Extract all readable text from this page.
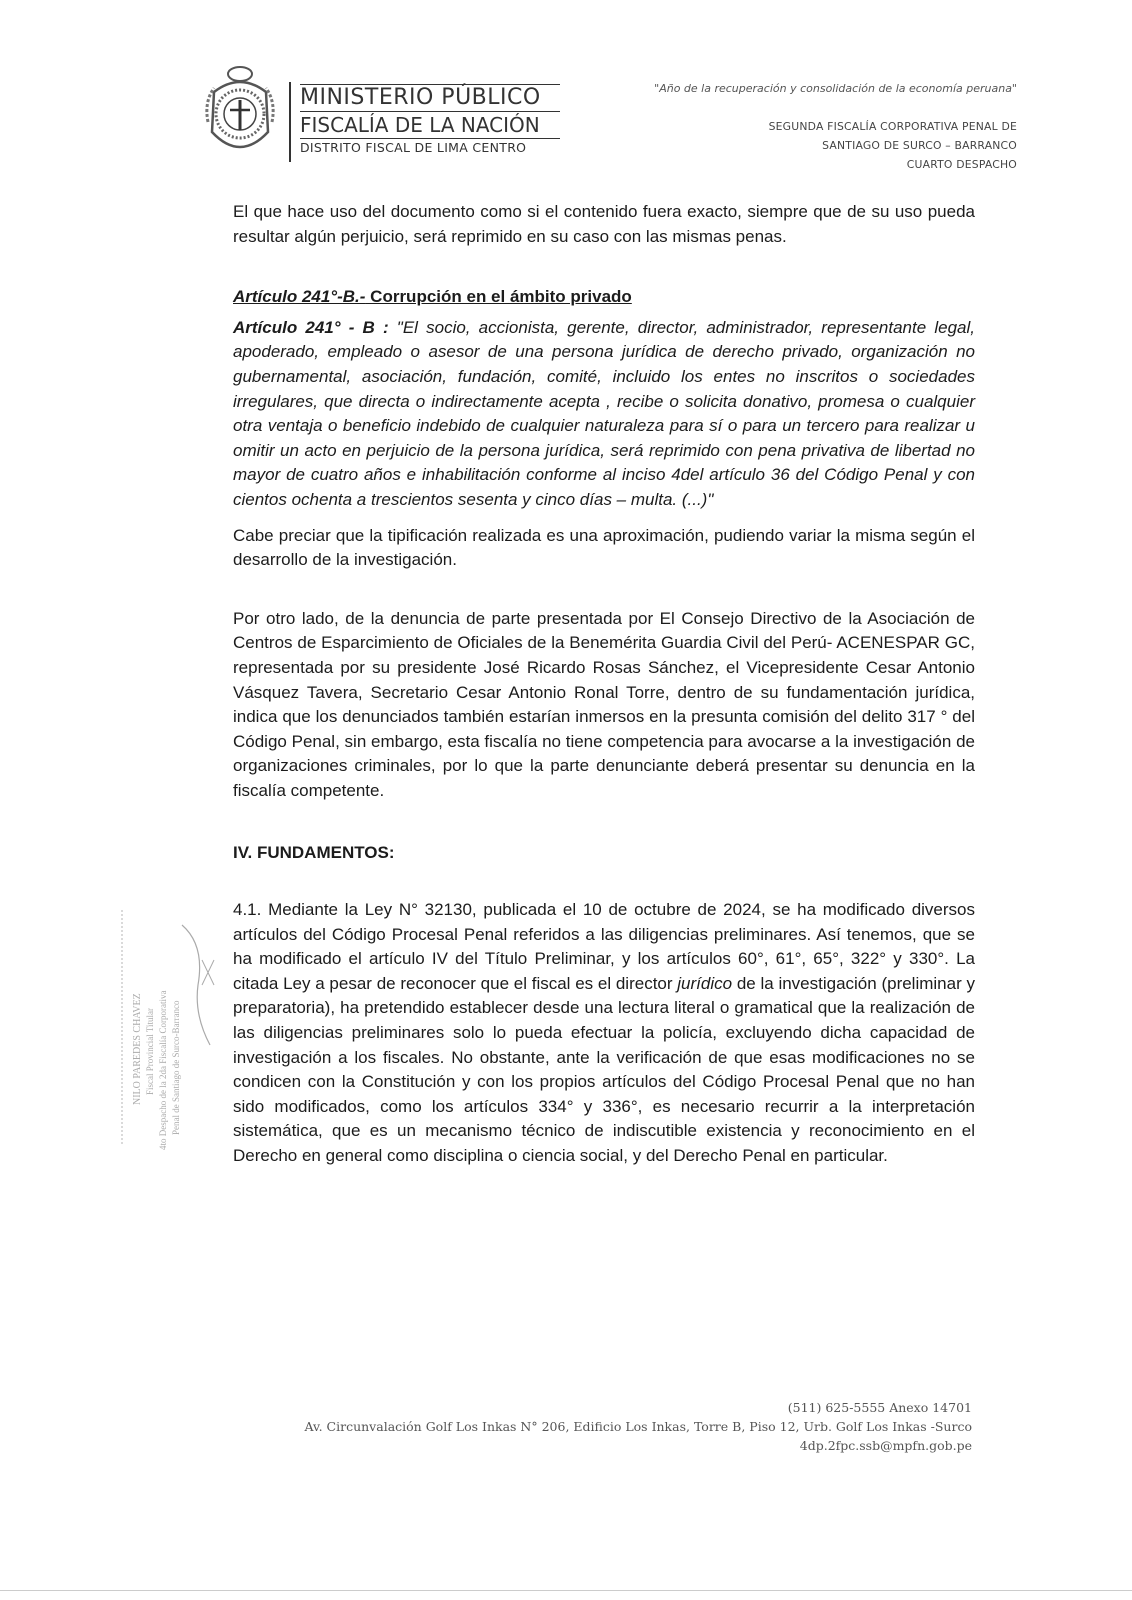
MINISTERIO PÚBLICO
FISCALÍA DE LA NACIÓN
DISTRITO FISCAL DE LIMA CENTRO
"Año de la recuperación y consolidación de la economía peruana"
SEGUNDA FISCALÍA CORPORATIVA PENAL DE
SANTIAGO DE SURCO – BARRANCO
CUARTO DESPACHO

El que hace uso del documento como si el contenido fuera exacto, siempre que de su uso pueda resultar algún perjuicio, será reprimido en su caso con las mismas penas.

Artículo 241°-B.- Corrupción en el ámbito privado

Artículo 241° - B : "El socio, accionista, gerente, director, administrador, representante legal, apoderado, empleado o asesor de una persona jurídica de derecho privado, organización no gubernamental, asociación, fundación, comité, incluido los entes no inscritos o sociedades irregulares, que directa o indirectamente acepta , recibe o solicita donativo, promesa o cualquier otra ventaja o beneficio indebido de cualquier naturaleza para sí o para un tercero para realizar u omitir un acto en perjuicio de la persona jurídica, será reprimido con pena privativa de libertad no mayor de cuatro años e inhabilitación conforme al inciso 4del artículo 36 del Código Penal y con cientos ochenta a trescientos sesenta y cinco días – multa. (...)"

Cabe preciar que la tipificación realizada es una aproximación, pudiendo variar la misma según el desarrollo de la investigación.

Por otro lado, de la denuncia de parte presentada por El Consejo Directivo de la Asociación de Centros de Esparcimiento de Oficiales de la Benemérita Guardia Civil del Perú- ACENESPAR GC, representada por su presidente José Ricardo Rosas Sánchez, el Vicepresidente Cesar Antonio Vásquez Tavera, Secretario Cesar Antonio Ronal Torre, dentro de su fundamentación jurídica, indica que los denunciados también estarían inmersos en la presunta comisión del delito 317 ° del Código Penal, sin embargo, esta fiscalía no tiene competencia para avocarse a la investigación de organizaciones criminales, por lo que la parte denunciante deberá presentar su denuncia en la fiscalía competente.

IV. FUNDAMENTOS:

4.1. Mediante la Ley N° 32130, publicada el 10 de octubre de 2024, se ha modificado diversos artículos del Código Procesal Penal referidos a las diligencias preliminares. Así tenemos, que se ha modificado el artículo IV del Título Preliminar, y los artículos 60°, 61°, 65°, 322° y 330°. La citada Ley a pesar de reconocer que el fiscal es el director jurídico de la investigación (preliminar y preparatoria), ha pretendido establecer desde una lectura literal o gramatical que la realización de las diligencias preliminares solo lo pueda efectuar la policía, excluyendo dicha capacidad de investigación a los fiscales. No obstante, ante la verificación de que esas modificaciones no se condicen con la Constitución y con los propios artículos del Código Procesal Penal que no han sido modificados, como los artículos 334° y 336°, es necesario recurrir a la interpretación sistemática, que es un mecanismo técnico de indiscutible existencia y reconocimiento en el Derecho en general como disciplina o ciencia social, y del Derecho Penal en particular.

NILO PAREDES CHAVEZ Fiscal Provincial Titular 4to Despacho de la 2da Fiscalía Corporativa Penal de Santiago de Surco-Barranco
(511) 625-5555 Anexo 14701
Av. Circunvalación Golf Los Inkas N° 206, Edificio Los Inkas, Torre B, Piso 12, Urb. Golf Los Inkas -Surco
4dp.2fpc.ssb@mpfn.gob.pe
